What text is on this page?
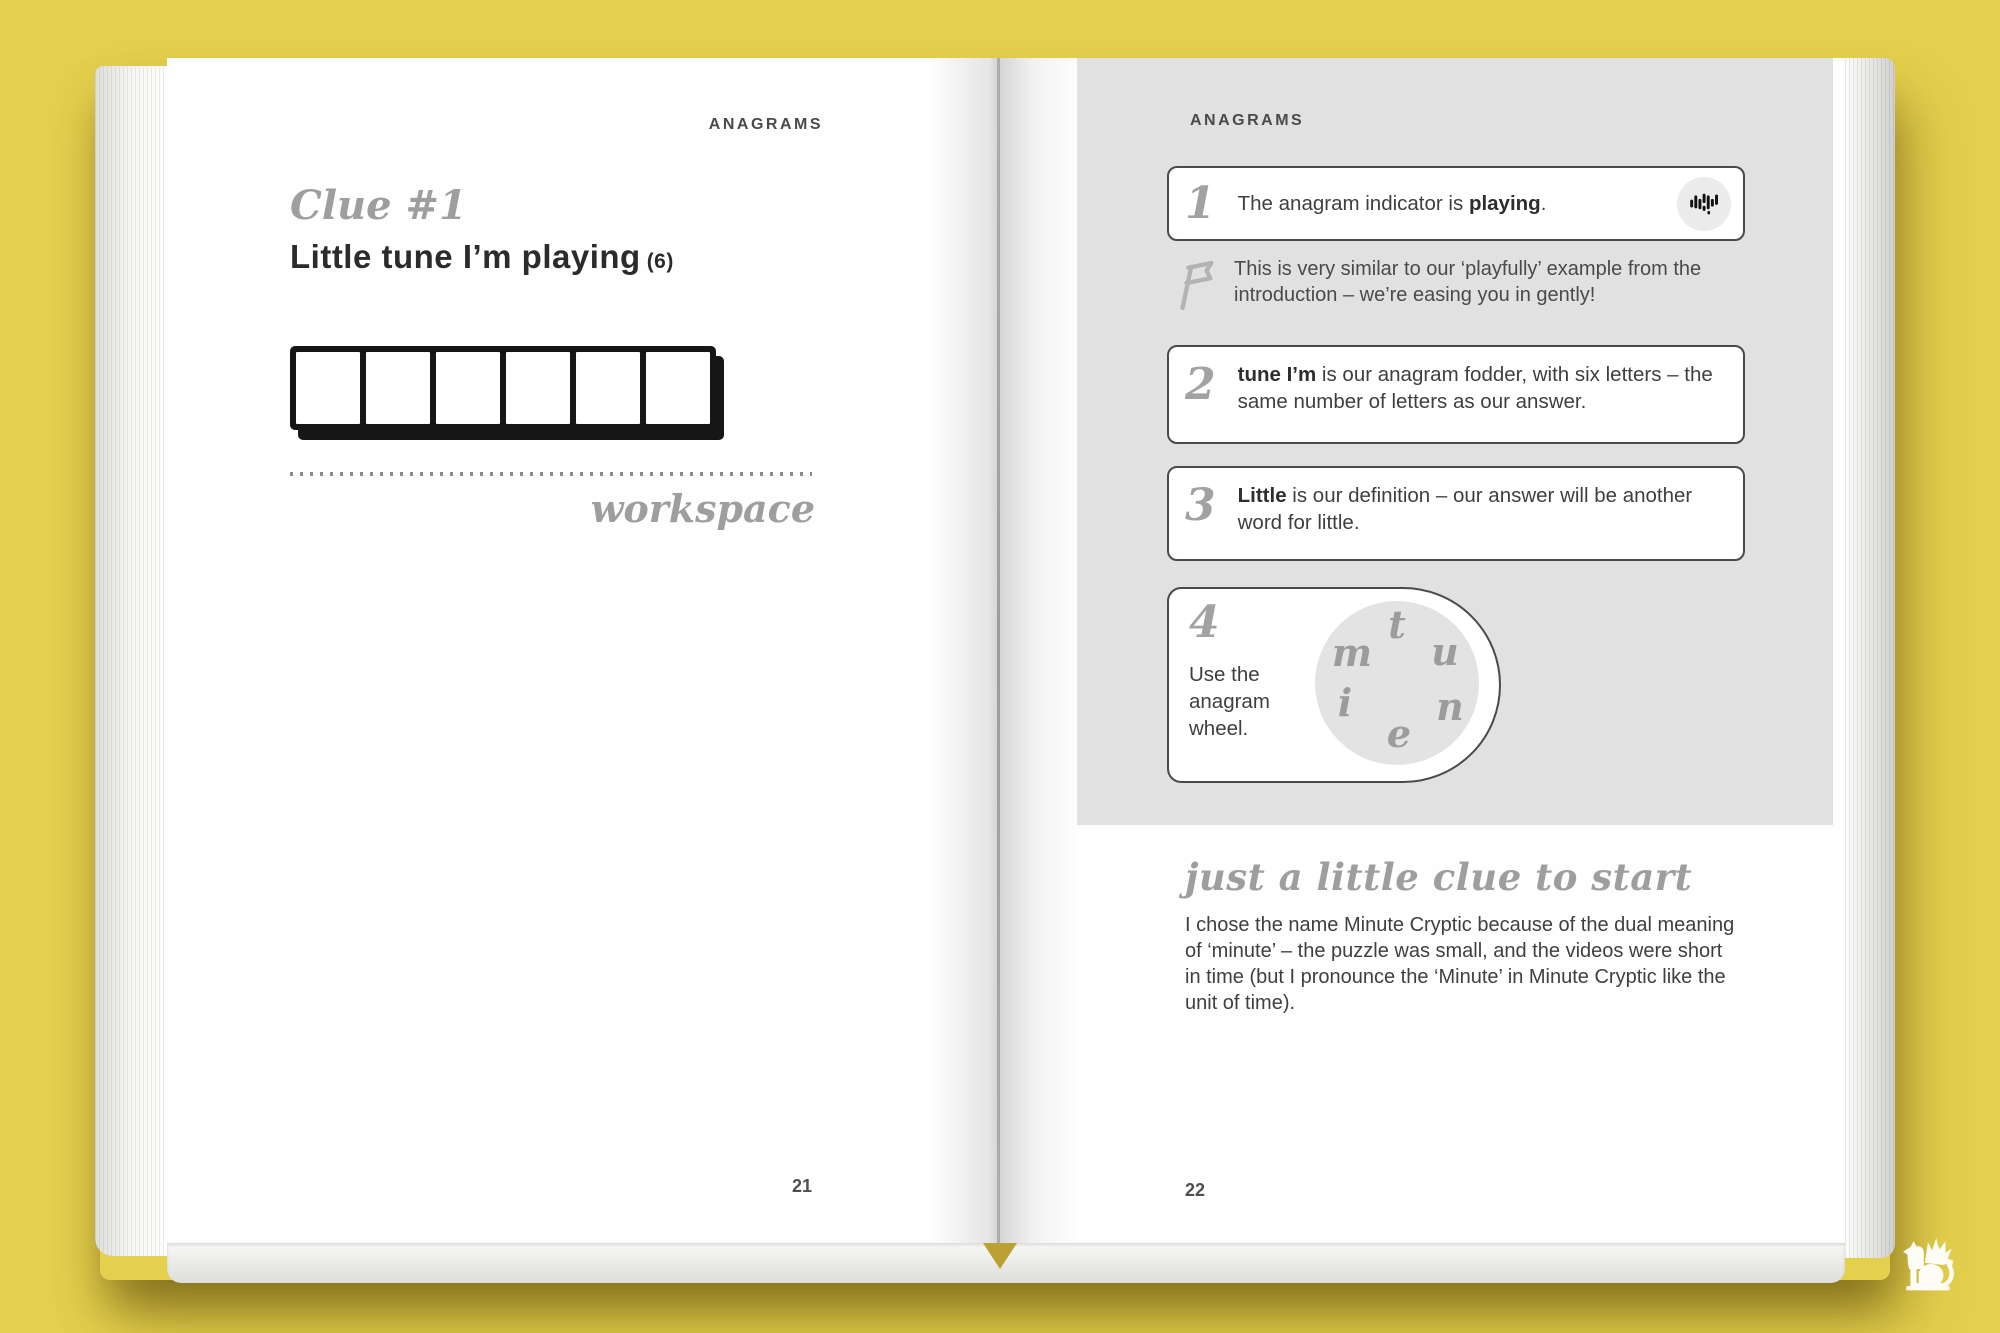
ANAGRAMS
Clue #1
Little tune I’m playing (6)
workspace
21
ANAGRAMS
1 The anagram indicator is playing.
This is very similar to our ‘playfully’ example from the introduction – we’re easing you in gently!
2 tune I’m is our anagram fodder, with six letters – the same number of letters as our answer.
3 Little is our definition – our answer will be another word for little.
4
Use the anagram wheel.
t
u
n
e
i
m
just a little clue to start
I chose the name Minute Cryptic because of the dual meaning of ‘minute’ – the puzzle was small, and the videos were short in time (but I pronounce the ‘Minute’ in Minute Cryptic like the unit of time).
22
